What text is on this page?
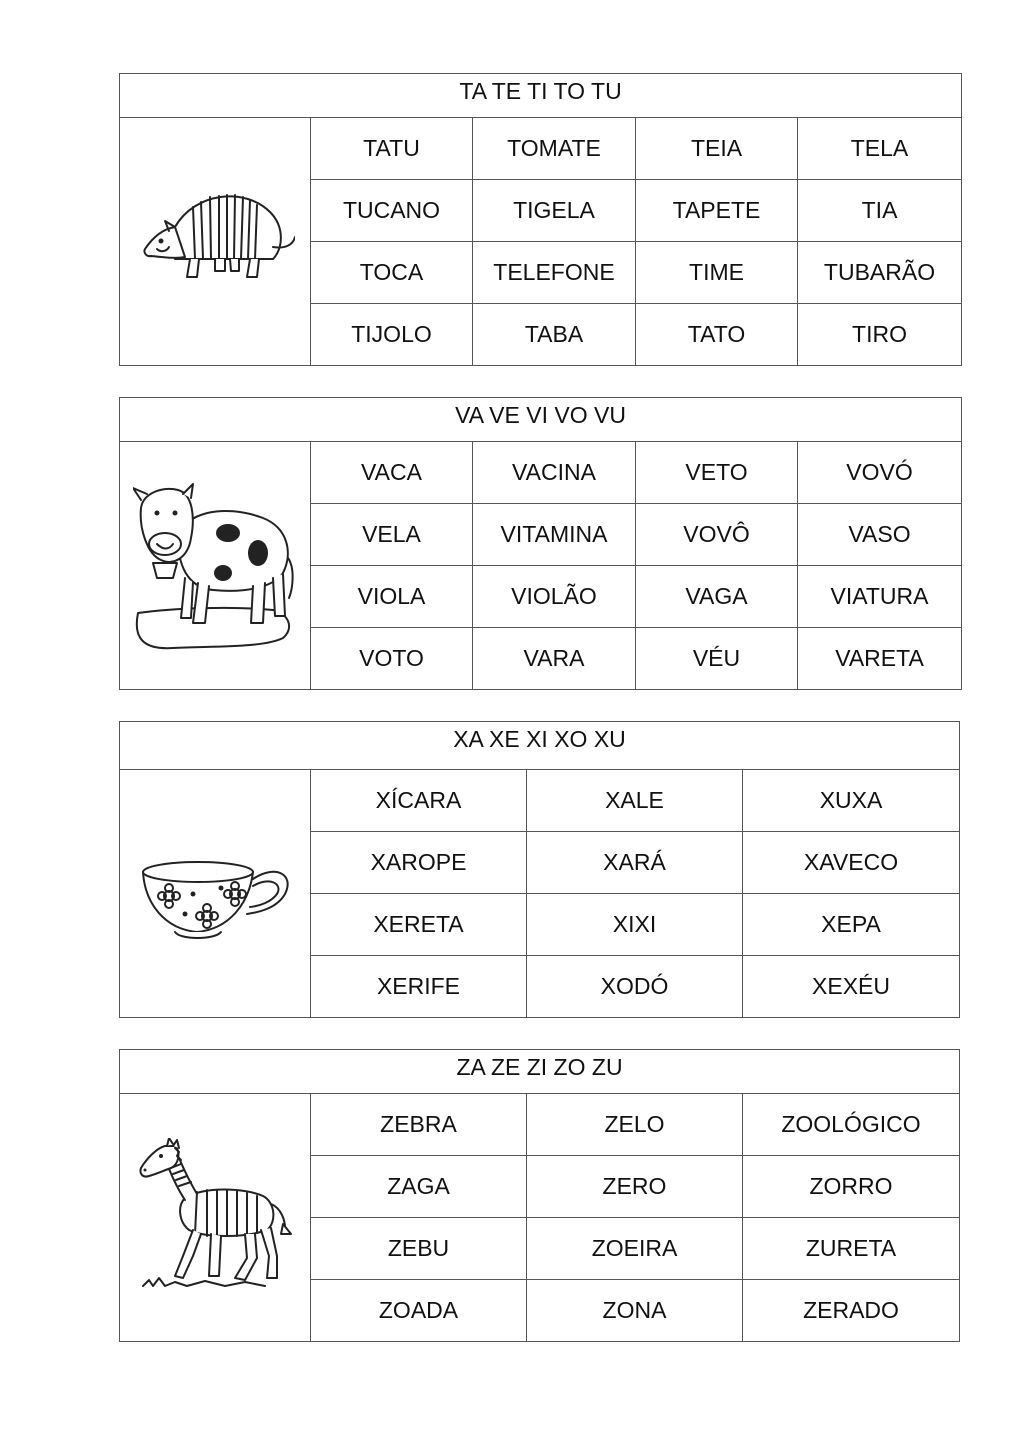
TA TE TI TO TU				

	TATU	TOMATE	TEIA	TELA
	TUCANO	TIGELA	TAPETE	TIA
	TOCA	TELEFONE	TIME	TUBARÃO
	TIJOLO	TABA	TATO	TIRO
VA VE VI VO VU				

	VACA	VACINA	VETO	VOVÓ
	VELA	VITAMINA	VOVÔ	VASO
	VIOLA	VIOLÃO	VAGA	VIATURA
	VOTO	VARA	VÉU	VARETA
XA XE XI XO XU			

	XÍCARA	XALE	XUXA
	XAROPE	XARÁ	XAVECO
	XERETA	XIXI	XEPA
	XERIFE	XODÓ	XEXÉU
ZA ZE ZI ZO ZU			

	ZEBRA	ZELO	ZOOLÓGICO
	ZAGA	ZERO	ZORRO
	ZEBU	ZOEIRA	ZURETA
	ZOADA	ZONA	ZERADO
